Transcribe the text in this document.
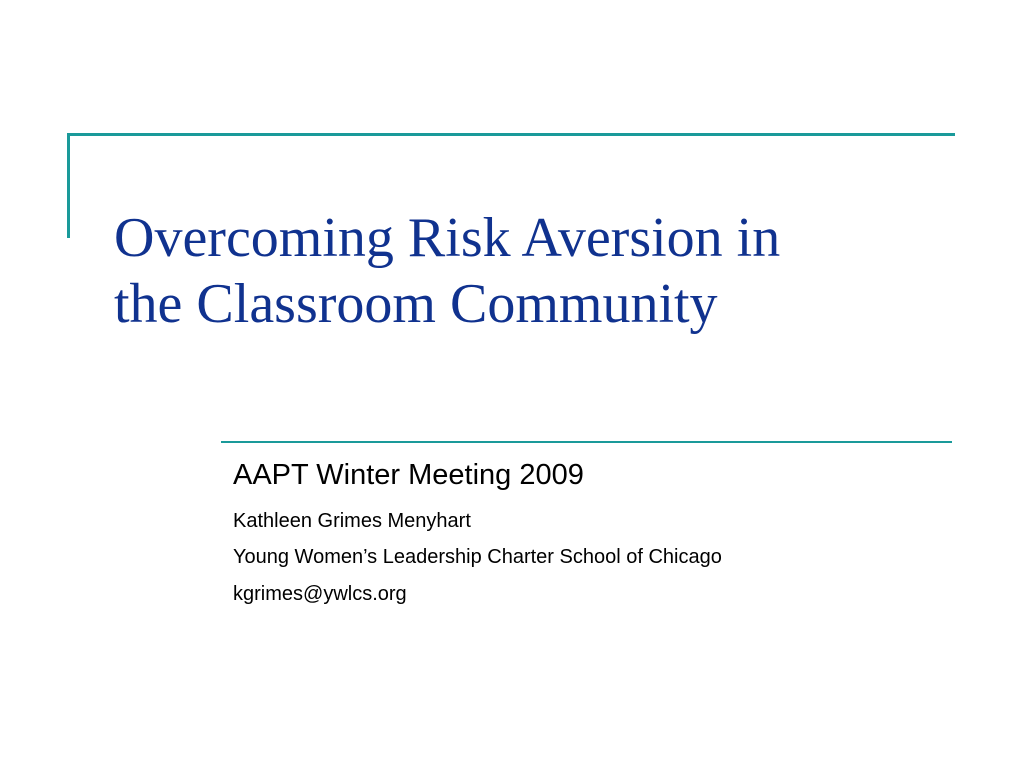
Overcoming Risk Aversion in
the Classroom Community

AAPT Winter Meeting 2009

Kathleen Grimes Menyhart

Young Women’s Leadership Charter School of Chicago

kgrimes@ywlcs.org
